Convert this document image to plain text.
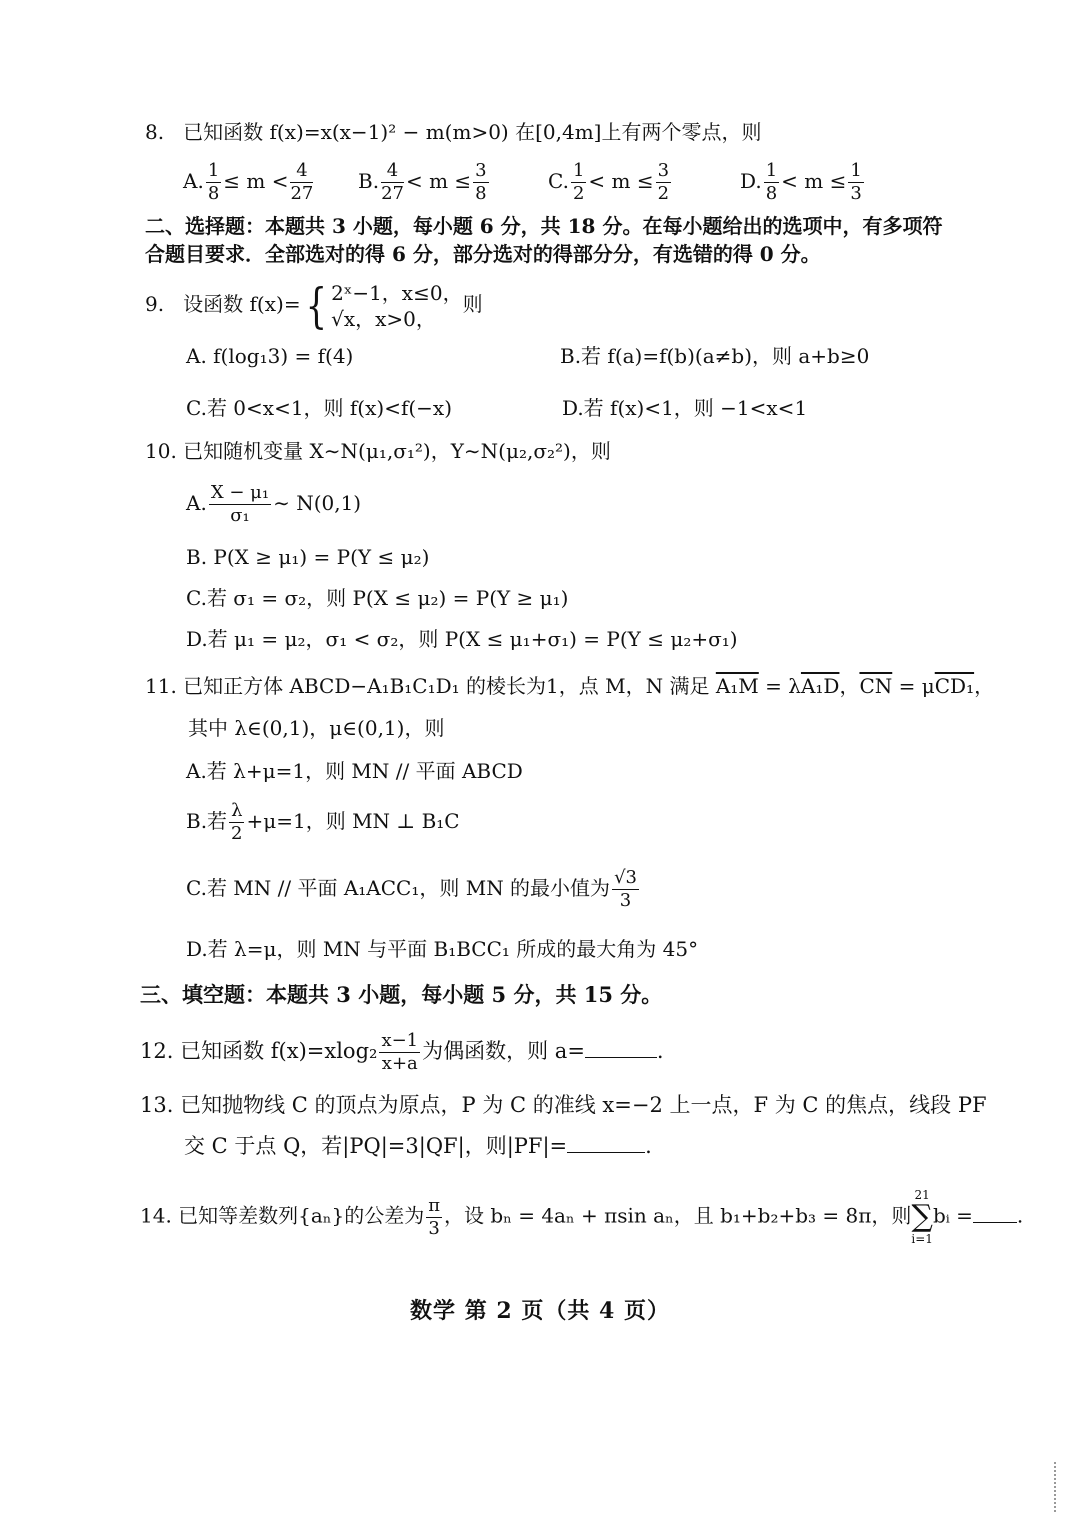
8. 已知函数 f(x)=x(x−1)² − m(m>0) 在[0,4m]上有两个零点，则
A. $\frac{1}{8} \le m < \frac{4}{27} B$. $\frac{4}{27} < m \le \frac{3}{8}$	C. $\frac{1}{2} < m \le \frac{3}{2}$	D. $\frac{1}{8} < m \le \frac{1}{3}$
二、选择题：本题共 3 小题，每小题 6 分，共 18 分。在每小题给出的选项中，有多项符
合题目要求．全部选对的得 6 分，部分选对的得部分分，有选错的得 0 分。
9. 设函数 f(x)={ 2ˣ−1，x≤0，
√x，x>0，
则
A. f(log₁3) = f(4)	B.若 f(a)=f(b)(a≠b)，则 a+b≥0
C.若 0<x<1，则 f(x)<f(−x)	D.若 f(x)<1，则 −1<x<1
10. 已知随机变量 X∼N(μ₁,σ₁²)，Y∼N(μ₂,σ₂²)，则
A. $\frac{\text{X − μ₁}}{\text{σ₁}}$ ∼ N(0,1)
B. P(X ≥ μ₁) = P(Y ≤ μ₂)
C.若 σ₁ = σ₂，则 P(X ≤ μ₂) = P(Y ≥ μ₁)
D.若 μ₁ = μ₂，σ₁ < σ₂，则 P(X ≤ μ₁+σ₁) = P(Y ≤ μ₂+σ₁)
11. 已知正方体 ABCD−A₁B₁C₁D₁ 的棱长为1，点 M，N 满足 A₁M = λA₁D，$\overline{CN} = \mu CD_1$，
其中 λ∈(0,1)，μ∈(0,1)，则
A.若 λ+μ=1，则 MN // 平面 ABCD
B.若 $\frac{\lambda}{2} +\mu=1$，则 MN ⊥ B₁C
C.若 MN // 平面 A₁ACC₁，则 MN 的最小值为 $\frac{√3}{3}$
D.若 λ=μ，则 MN 与平面 B₁BCC₁ 所成的最大角为 45°
三、填空题：本题共 3 小题，每小题 5 分，共 15 分。
12. 已知函数 $f(x)=xlog_2 \frac{x-1}{x+a}$ 为偶函数，则 a=	.
13. 已知抛物线 C 的顶点为原点，P 为 C 的准线 x=−2 上一点，F 为 C 的焦点，线段 PF
交 C 于点 Q，若|PQ|=3|QF|，则|PF|=	.
14. 已知等差数列{aₙ}的公差为 $\frac{\pi}{3}$ ，设 bₙ = 4aₙ + πsin aₙ，且 b₁+b₂+b₃ = 8π，则
21
∑
i=1
bᵢ = .
数学 第 2 页（共 4 页）
